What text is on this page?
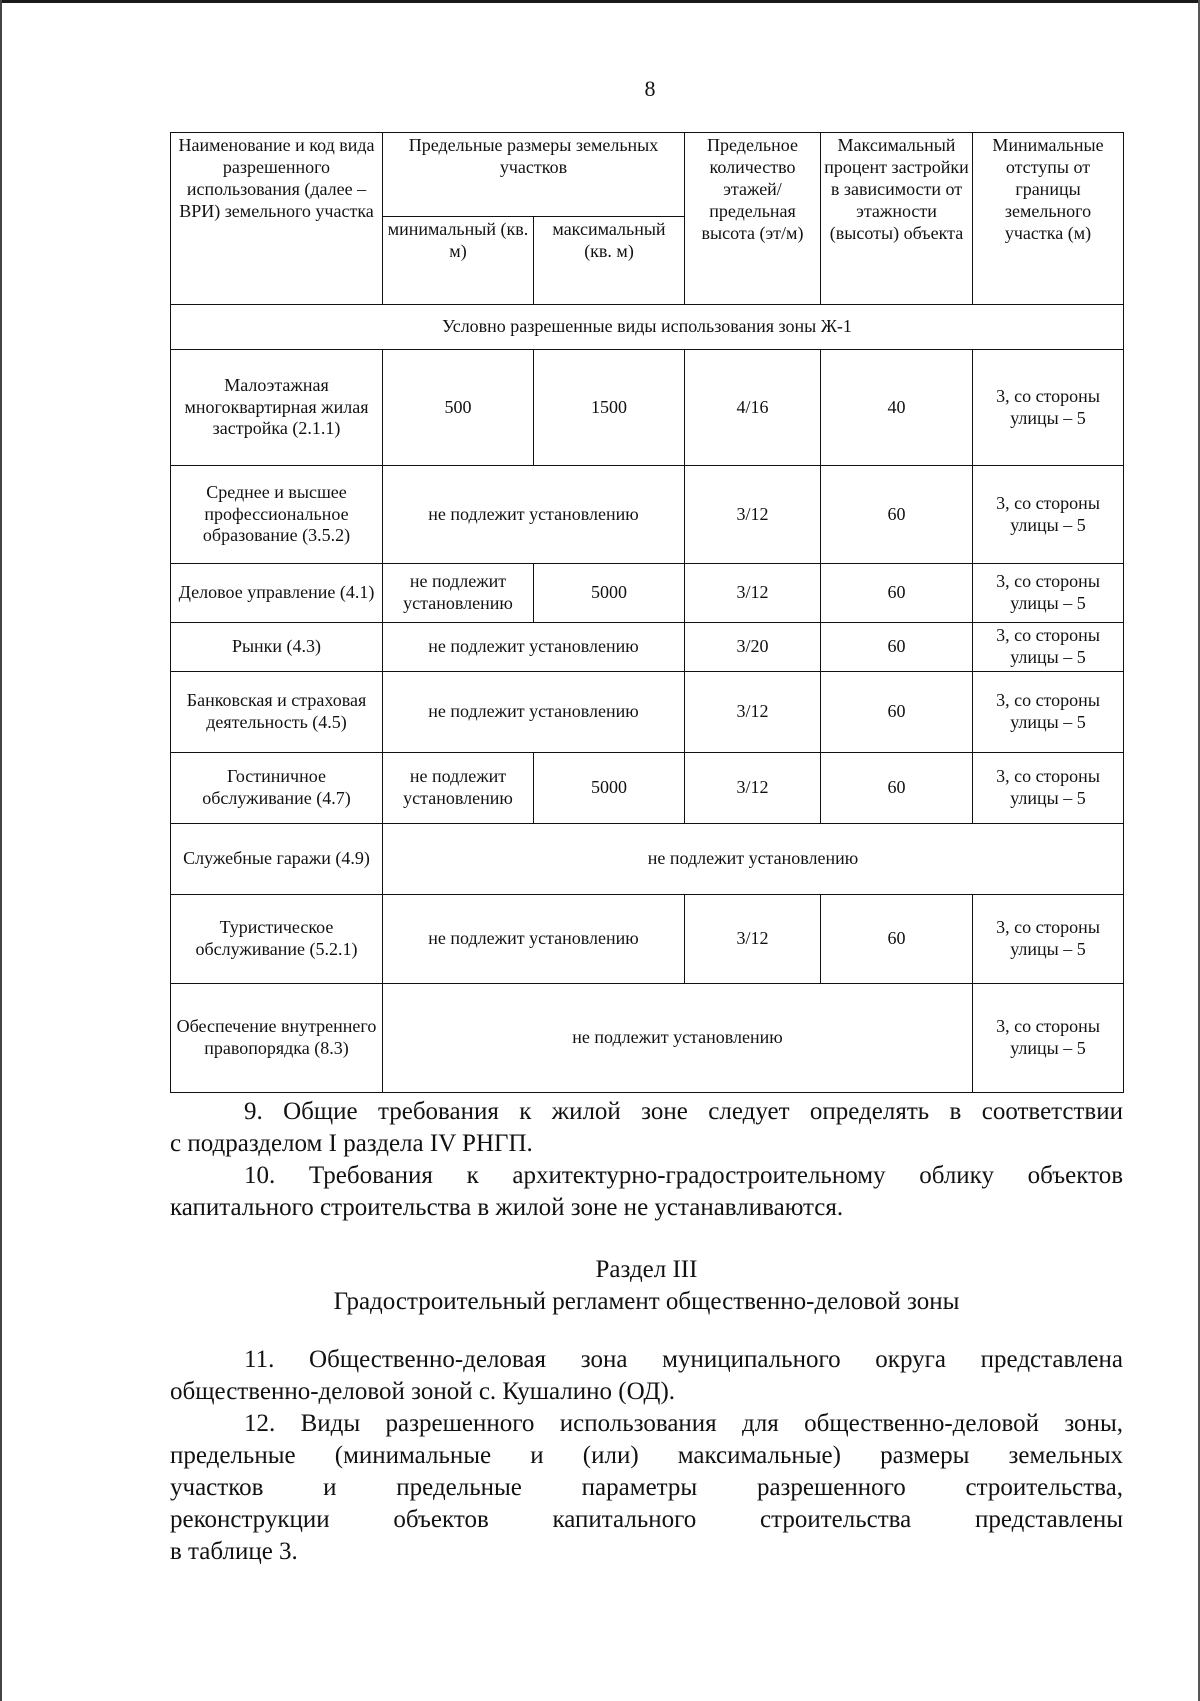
8
Наименование и код вида разрешенного использования (далее – ВРИ) земельного участка	Предельные размеры земельных участков		Предельное количество этажей/ предельная высота (эт/м)	Максимальный процент застройки в зависимости от этажности (высоты) объекта	Минимальные отступы от границы земельного участка (м)
	минимальный (кв. м)	максимальный (кв. м)			
Условно разрешенные виды использования зоны Ж-1					
Малоэтажная многоквартирная жилая застройка (2.1.1)	500	1500	4/16	40	3, со стороны улицы – 5
Среднее и высшее профессиональное образование (3.5.2)	не подлежит установлению		3/12	60	3, со стороны улицы – 5
Деловое управление (4.1)	не подлежит установлению	5000	3/12	60	3, со стороны улицы – 5
Рынки (4.3)	не подлежит установлению		3/20	60	3, со стороны улицы – 5
Банковская и страховая деятельность (4.5)	не подлежит установлению		3/12	60	3, со стороны улицы – 5
Гостиничное обслуживание (4.7)	не подлежит установлению	5000	3/12	60	3, со стороны улицы – 5
Служебные гаражи (4.9)	не подлежит установлению				
Туристическое обслуживание (5.2.1)	не подлежит установлению		3/12	60	3, со стороны улицы – 5
Обеспечение внутреннего правопорядка (8.3)	не подлежит установлению				3, со стороны улицы – 5
9. Общие требования к жилой зоне следует определять в соответствии
с подразделом I раздела IV РНГП.
10. Требования к архитектурно-градостроительному облику объектов
капитального строительства в жилой зоне не устанавливаются.
Раздел III
Градостроительный регламент общественно-деловой зоны
11. Общественно-деловая зона муниципального округа представлена
общественно-деловой зоной с. Кушалино (ОД).
12. Виды разрешенного использования для общественно-деловой зоны,
предельные (минимальные и (или) максимальные) размеры земельных
участков и предельные параметры разрешенного строительства,
реконструкции объектов капитального строительства представлены
в таблице 3.
